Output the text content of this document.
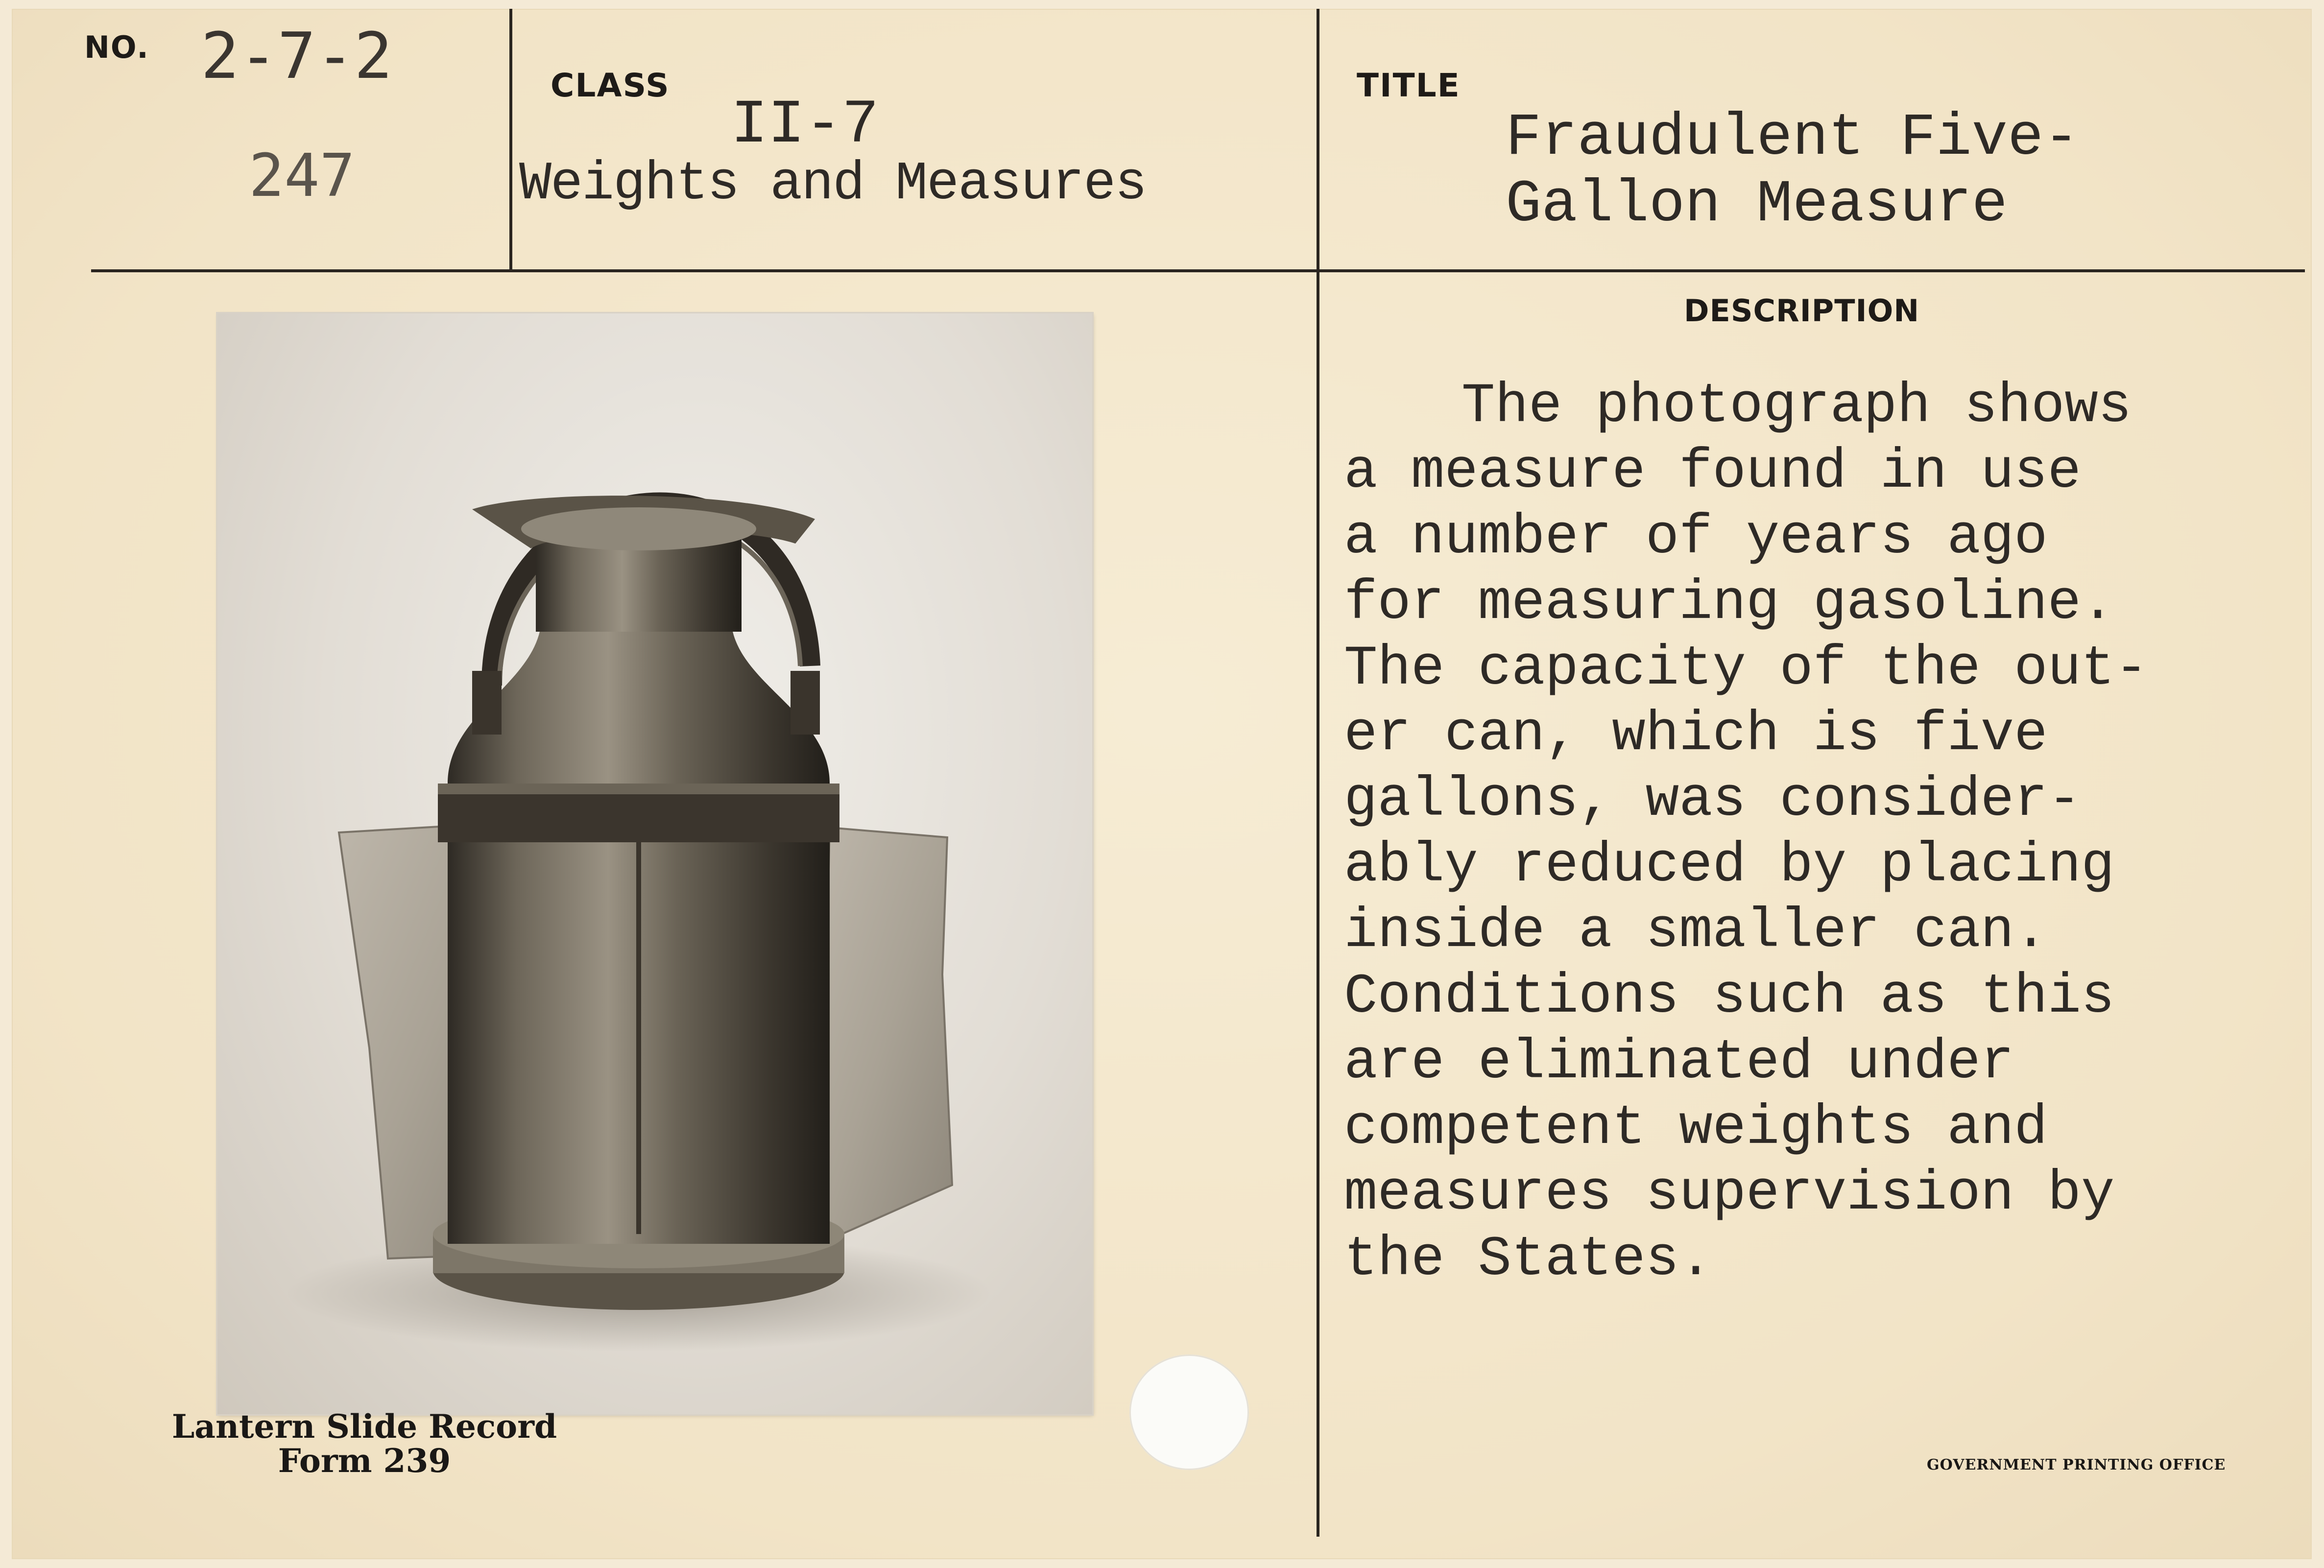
NO. 2-7-2
247
CLASS
II-7
Weights and Measures
TITLE
Fraudulent Five-
Gallon Measure
DESCRIPTION
The photograph shows
a measure found in use
a number of years ago
for measuring gasoline.
The capacity of the out-
er can, which is five
gallons, was consider-
ably reduced by placing
inside a smaller can.
Conditions such as this
are eliminated under
competent weights and
measures supervision by
the States.
Lantern Slide Record
Form 239	GOVERNMENT PRINTING OFFICE
